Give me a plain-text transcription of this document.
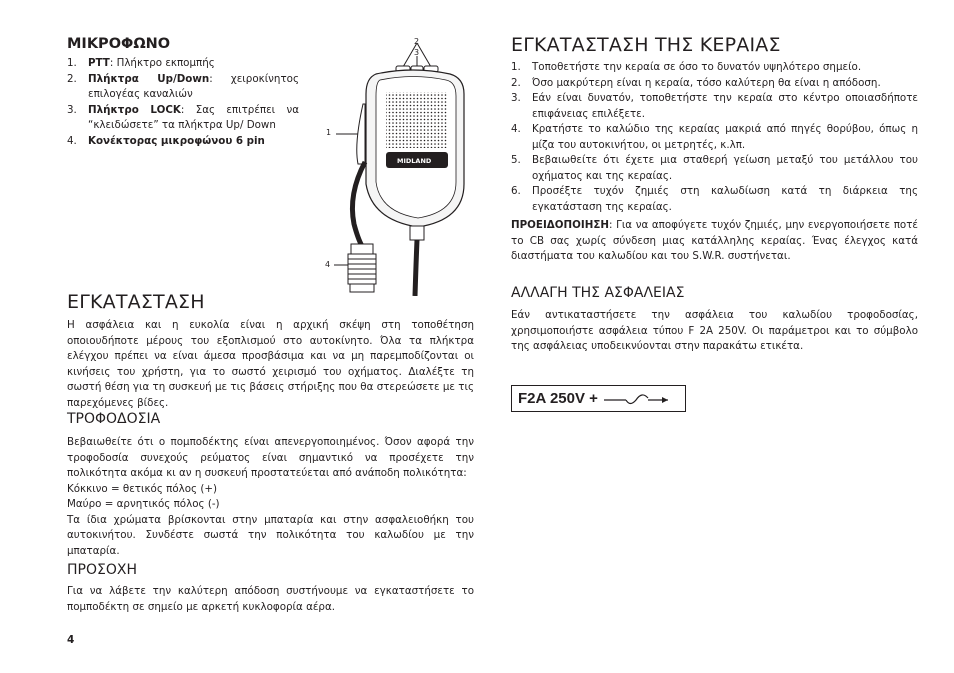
ΜΙΚΡΟΦΩΝΟ
1. PTT: Πλήκτρο εκπομπής
2. Πλήκτρα Up/Down: χειροκίνητος επιλογέας καναλιών
3. Πλήκτρο LOCK: Σας επιτρέπει να “κλειδώσετε” τα πλήκτρα Up/ Down
4. Κονέκτορας μικροφώνου 6 pin
2
3
1
4
MIDLAND
ΕΓΚΑΤΑΣΤΑΣΗ

Η ασφάλεια και η ευκολία είναι η αρχική σκέψη στη τοποθέτηση οποιουδήποτε μέρους του εξοπλισμού στο αυτοκίνητο. Όλα τα πλήκτρα ελέγχου πρέπει να είναι άμεσα προσβάσιμα και να μη παρεμποδίζονται οι κινήσεις του χρήστη, για το σωστό χειρισμό του οχήματος. Διαλέξτε τη σωστή θέση για τη συσκευή με τις βάσεις στήριξης που θα στερεώσετε με τις παρεχόμενες βίδες.

ΤΡΟΦΟΔΟΣΙΑ

Βεβαιωθείτε ότι ο πομποδέκτης είναι απενεργοποιημένος. Όσον αφορά την τροφοδοσία συνεχούς ρεύματος είναι σημαντικό να προσέχετε την πολικότητα ακόμα κι αν η συσκευή προστατεύεται από ανάποδη πολικότητα:

Κόκκινο = θετικός πόλος (+)

Μαύρο = αρνητικός πόλος (-)

Τα ίδια χρώματα βρίσκονται στην μπαταρία και στην ασφαλειοθήκη του αυτοκινήτου. Συνδέστε σωστά την πολικότητα του καλωδίου με την μπαταρία.

ΠΡΟΣΟΧΗ

Για να λάβετε την καλύτερη απόδοση συστήνουμε να εγκαταστήσετε το πομποδέκτη σε σημείο με αρκετή κυκλοφορία αέρα.

4
ΕΓΚΑΤΑΣΤΑΣΗ ΤΗΣ ΚΕΡΑΙΑΣ
1. Τοποθετήστε την κεραία σε όσο το δυνατόν υψηλότερο σημείο.
2. Όσο μακρύτερη είναι η κεραία, τόσο καλύτερη θα είναι η απόδοση.
3. Εάν είναι δυνατόν, τοποθετήστε την κεραία στο κέντρο οποιασδήποτε επιφάνειας επιλέξετε.
4. Κρατήστε το καλώδιο της κεραίας μακριά από πηγές θορύβου, όπως η μίζα του αυτοκινήτου, οι μετρητές, κ.λπ.
5. Βεβαιωθείτε ότι έχετε μια σταθερή γείωση μεταξύ του μετάλλου του οχήματος και της κεραίας.
6. Προσέξτε τυχόν ζημιές στη καλωδίωση κατά τη διάρκεια της εγκατάσταση της κεραίας.

ΠΡΟΕΙΔΟΠΟΙΗΣΗ: Για να αποφύγετε τυχόν ζημιές, μην ενεργοποιήσετε ποτέ το CB σας χωρίς σύνδεση μιας κατάλληλης κεραίας. Ένας έλεγχος κατά διαστήματα του καλωδίου και του S.W.R. συστήνεται.

ΑΛΛΑΓΗ ΤΗΣ ΑΣΦΑΛΕΙΑΣ

Εάν αντικαταστήσετε την ασφάλεια του καλωδίου τροφοδοσίας, χρησιμοποιήστε ασφάλεια τύπου F 2A 250V. Οι παράμετροι και το σύμβολο της ασφάλειας υποδεικνύονται στην παρακάτω ετικέτα.

F2A 250V +
